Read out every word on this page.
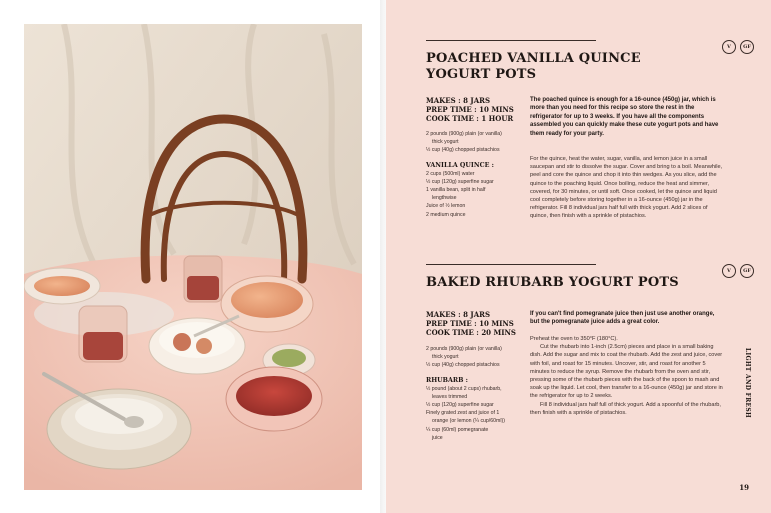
V	GF
POACHED VANILLA QUINCE
YOGURT POTS
MAKES : 8 JARS
PREP TIME : 10 MINS
COOK TIME : 1 HOUR
2 pounds (900g) plain (or vanilla)
thick yogurt
½ cup (40g) chopped pistachios
VANILLA QUINCE :
2 cups (500ml) water
½ cup (120g) superfine sugar
1 vanilla bean, split in half
lengthwise
Juice of ½ lemon
2 medium quince
The poached quince is enough for a 16-ounce (450g) jar, which is more than you need for this recipe so store the rest in the refrigerator for up to 3 weeks. If you have all the components assembled you can quickly make these cute yogurt pots and have them ready for your party.
For the quince, heat the water, sugar, vanilla, and lemon juice in a small saucepan and stir to dissolve the sugar. Cover and bring to a boil. Meanwhile, peel and core the quince and chop it into thin wedges. As you slice, add the quince to the poaching liquid. Once boiling, reduce the heat and simmer, covered, for 30 minutes, or until soft. Once cooked, let the quince and liquid cool completely before storing together in a 16-ounce (450g) jar in the refrigerator. Fill 8 individual jars half full with thick yogurt. Add 2 slices of quince, then finish with a sprinkle of pistachios.
V	GF
BAKED RHUBARB YOGURT POTS
MAKES : 8 JARS
PREP TIME : 10 MINS
COOK TIME : 20 MINS
2 pounds (900g) plain (or vanilla)
thick yogurt
½ cup (40g) chopped pistachios
RHUBARB :
½ pound (about 2 cups) rhubarb,
leaves trimmed
½ cup (120g) superfine sugar
Finely grated zest and juice of 1
orange (or lemon (¼ cup/60ml))
¼ cup (60ml) pomegranate
juice
If you can't find pomegranate juice then just use another orange, but the pomegranate juice adds a great color.
Preheat the oven to 350°F (180°C).
Cut the rhubarb into 1-inch (2.5cm) pieces and place in a small baking dish. Add the sugar and mix to coat the rhubarb. Add the zest and juice, cover with foil, and roast for 15 minutes. Uncover, stir, and roast for another 5 minutes to reduce the syrup. Remove the rhubarb from the oven and stir, pressing some of the rhubarb pieces with the back of the spoon to mash and soak up the liquid. Let cool, then transfer to a 16-ounce (450g) jar and store in the refrigerator for up to 2 weeks.
Fill 8 individual jars half full of thick yogurt. Add a spoonful of the rhubarb, then finish with a sprinkle of pistachios.	LIGHT AND FRESH
19
